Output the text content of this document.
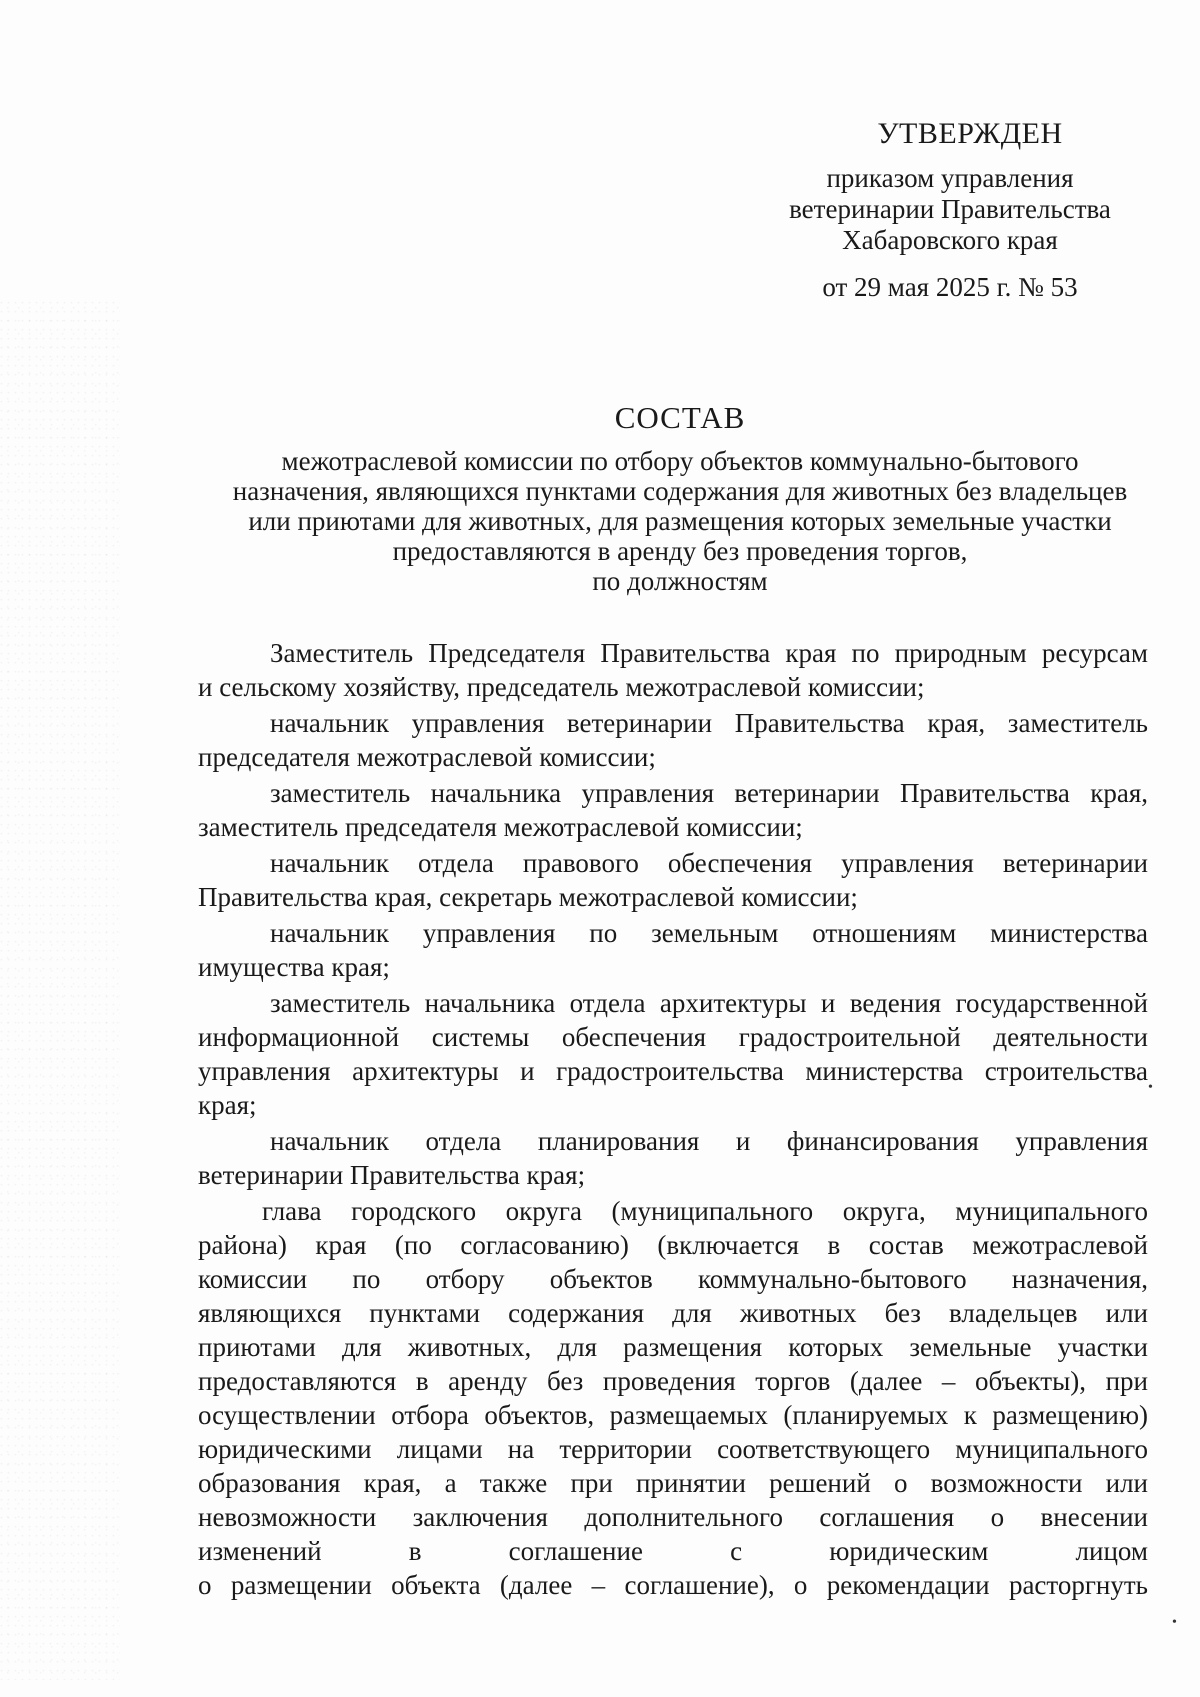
УТВЕРЖДЕН
приказом управления
ветеринарии Правительства
Хабаровского края
от 29 мая 2025 г. № 53
СОСТАВ
межотраслевой комиссии по отбору объектов коммунально-бытового
назначения, являющихся пунктами содержания для животных без владельцев
или приютами для животных, для размещения которых земельные участки
предоставляются в аренду без проведения торгов,
по должностям
Заместитель Председателя Правительства края по природным ресурсам
и сельскому хозяйству, председатель межотраслевой комиссии;
начальник управления ветеринарии Правительства края, заместитель
председателя межотраслевой комиссии;
заместитель начальника управления ветеринарии Правительства края,
заместитель председателя межотраслевой комиссии;
начальник отдела правового обеспечения управления ветеринарии
Правительства края, секретарь межотраслевой комиссии;
начальник управления по земельным отношениям министерства
имущества края;
заместитель начальника отдела архитектуры и ведения государственной
информационной системы обеспечения градостроительной деятельности
управления архитектуры и градостроительства министерства строительства
края;
начальник отдела планирования и финансирования управления
ветеринарии Правительства края;
глава городского округа (муниципального округа, муниципального
района) края (по согласованию) (включается в состав межотраслевой
комиссии по отбору объектов коммунально-бытового назначения,
являющихся пунктами содержания для животных без владельцев или
приютами для животных, для размещения которых земельные участки
предоставляются в аренду без проведения торгов (далее – объекты), при
осуществлении отбора объектов, размещаемых (планируемых к размещению)
юридическими лицами на территории соответствующего муниципального
образования края, а также при принятии решений о возможности или
невозможности заключения дополнительного соглашения о внесении
изменений в соглашение с юридическим лицом
о размещении объекта (далее – соглашение), о рекомендации расторгнуть
•
•
